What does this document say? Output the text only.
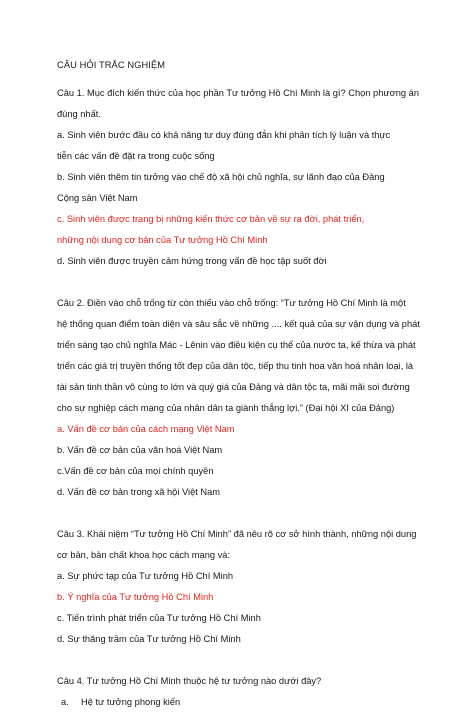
CÂU HỎI TRẮC NGHIỆM

Câu 1. Mục đích kiến thức của học phần Tư tưởng Hồ Chí Minh là gì? Chọn phương án

đúng nhất.

a. Sinh viên bước đầu có khả năng tư duy đúng đắn khi phân tích lý luận và thực

tiễn các vấn đề đặt ra trong cuộc sống

b. Sinh viên thêm tin tưởng vào chế độ xã hội chủ nghĩa, sự lãnh đạo của Đảng

Cộng sản Việt Nam

c. Sinh viên được trang bị những kiến thức cơ bản về sự ra đời, phát triển,

những nội dung cơ bản của Tư tưởng Hồ Chí Minh

d. Sinh viên được truyền cảm hứng trong vấn đề học tập suốt đời

Câu 2. Điền vào chỗ trống từ còn thiếu vào chỗ trống: “Tư tưởng Hồ Chí Minh là một

hệ thống quan điểm toàn diện và sâu sắc về những .... kết quả của sự vận dụng và phát

triển sáng tạo chủ nghĩa Mác - Lênin vào điều kiện cụ thể của nước ta, kế thừa và phát

triển các giá trị truyền thống tốt đẹp của dân tộc, tiếp thu tinh hoa văn hoá nhân loại, là

tài sản tinh thần vô cùng to lớn và quý giá của Đảng và dân tộc ta, mãi mãi soi đường

cho sự nghiệp cách mạng của nhân dân ta giành thắng lợi.” (Đại hội XI của Đảng)

a. Vấn đề cơ bản của cách mạng Việt Nam

b. Vấn đề cơ bản của văn hoá Việt Nam

c.Vấn đề cơ bản của mọi chính quyền

d. Vấn đề cơ bản trong xã hội Việt Nam

Câu 3. Khái niệm “Tư tưởng Hồ Chí Minh” đã nêu rõ cơ sở hình thành, những nội dung

cơ bản, bản chất khoa học cách mạng và:

a. Sự phức tạp của Tư tưởng Hồ Chí Minh

b. Ý nghĩa của Tư tưởng Hồ Chí Minh

c. Tiến trình phát triển của Tư tưởng Hồ Chí Minh

d. Sự thăng trầm của Tư tưởng Hồ Chí Minh

Câu 4. Tư tưởng Hồ Chí Minh thuộc hệ tư tưởng nào dưới đây?

a.	Hệ tư tưởng phong kiến
